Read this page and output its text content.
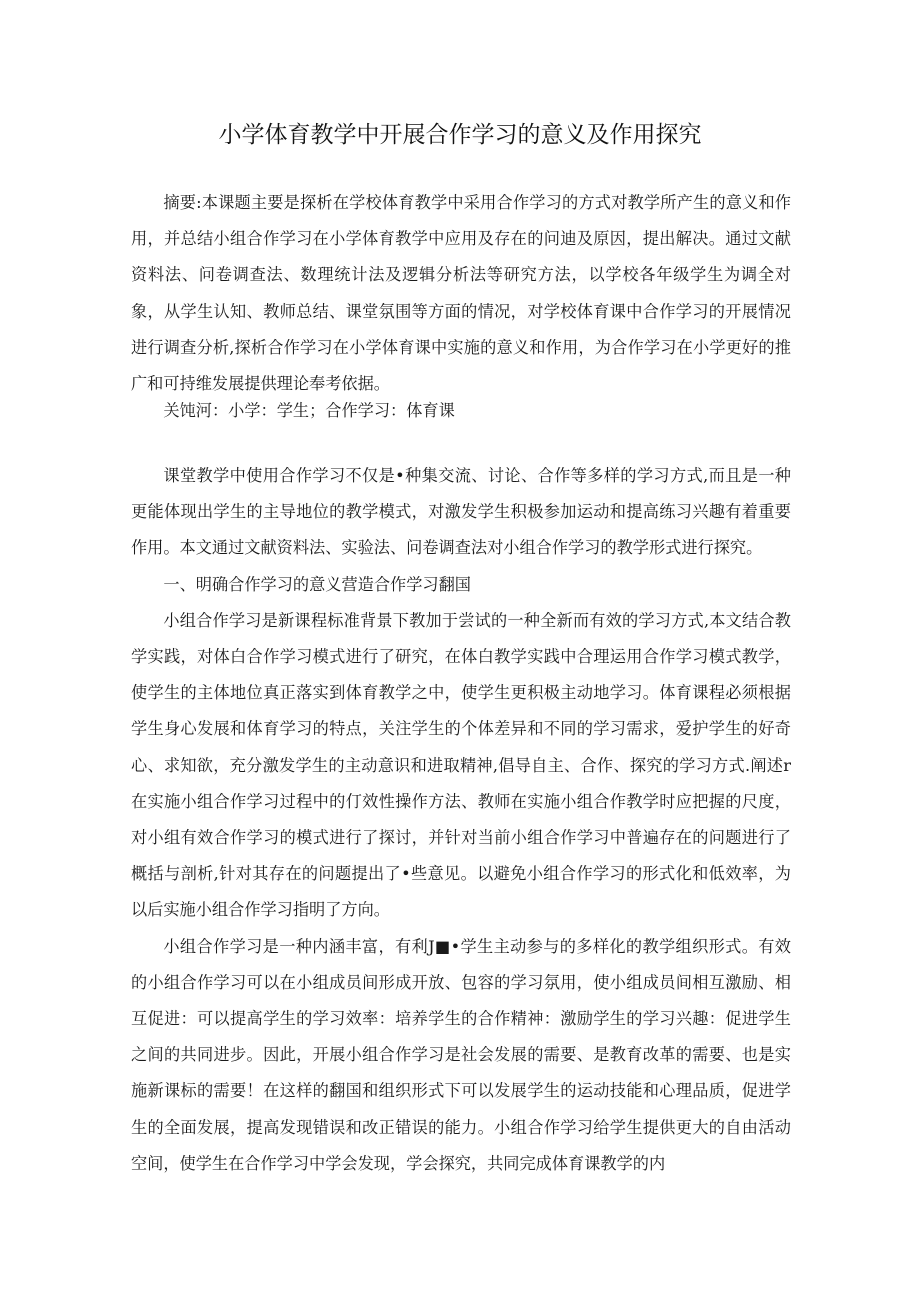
小学体育教学中开展合作学习的意义及作用探究

摘要:本课题主要是探析在学校体育教学中采用合作学习的方式对教学所产生的意义和作用，并总结小组合作学习在小学体育教学中应用及存在的问迪及原因，提出解决。通过文献资料法、问卷调查法、数理统计法及逻辑分析法等研究方法，以学校各年级学生为调全对象，从学生认知、教师总结、课堂氛围等方面的情况，对学校体育课中合作学习的开展情况进行调查分析,探析合作学习在小学体育课中实施的意义和作用，为合作学习在小学更好的推广和可持维发展提供理论奉考依据。

关饨河：小学：学生；合作学习：体育课

课堂教学中使用合作学习不仅是•种集交流、讨论、合作等多样的学习方式,而且是一种更能体现出学生的主导地位的教学模式，对激发学生积极参加运动和提高练习兴趣有着重要作用。本文通过文献资料法、实验法、问卷调查法对小组合作学习的教学形式进行探究。

一、明确合作学习的意义营造合作学习翻国

小组合作学习是新课程标准背景下教加于尝试的一种全新而有效的学习方式,本文结合教学实践，对体白合作学习模式进行了研究，在体白教学实践中合理运用合作学习模式教学，使学生的主体地位真正落实到体育教学之中，使学生更积极主动地学习。体育课程必须根据学生身心发展和体育学习的特点，关注学生的个体差异和不同的学习需求，爱护学生的好奇心、求知欲，充分激发学生的主动意识和进取精神,倡导自主、合作、探究的学习方式.阐述r在实施小组合作学习过程中的仃效性操作方法、教师在实施小组合作教学时应把握的尺度，对小组有效合作学习的模式进行了探讨，并针对当前小组合作学习中普遍存在的问题进行了概括与剖析,针对其存在的问题提出了•些意见。以避免小组合作学习的形式化和低效率，为以后实施小组合作学习指明了方向。

小组合作学习是一种内涵丰富，有利J■•学生主动参与的多样化的教学组织形式。有效的小组合作学习可以在小组成员间形成开放、包容的学习氛用，使小组成员间相互激励、相互促进：可以提高学生的学习效率：培养学生的合作精神：激励学生的学习兴趣：促进学生之间的共同进步。因此，开展小组合作学习是社会发展的需要、是教育改革的需要、也是实施新课标的需要！在这样的翻国和组织形式下可以发展学生的运动技能和心理品质，促进学生的全面发展，提高发现错误和改正错误的能力。小组合作学习给学生提供更大的自由活动空间，使学生在合作学习中学会发现，学会探究，共同完成体育课教学的内
